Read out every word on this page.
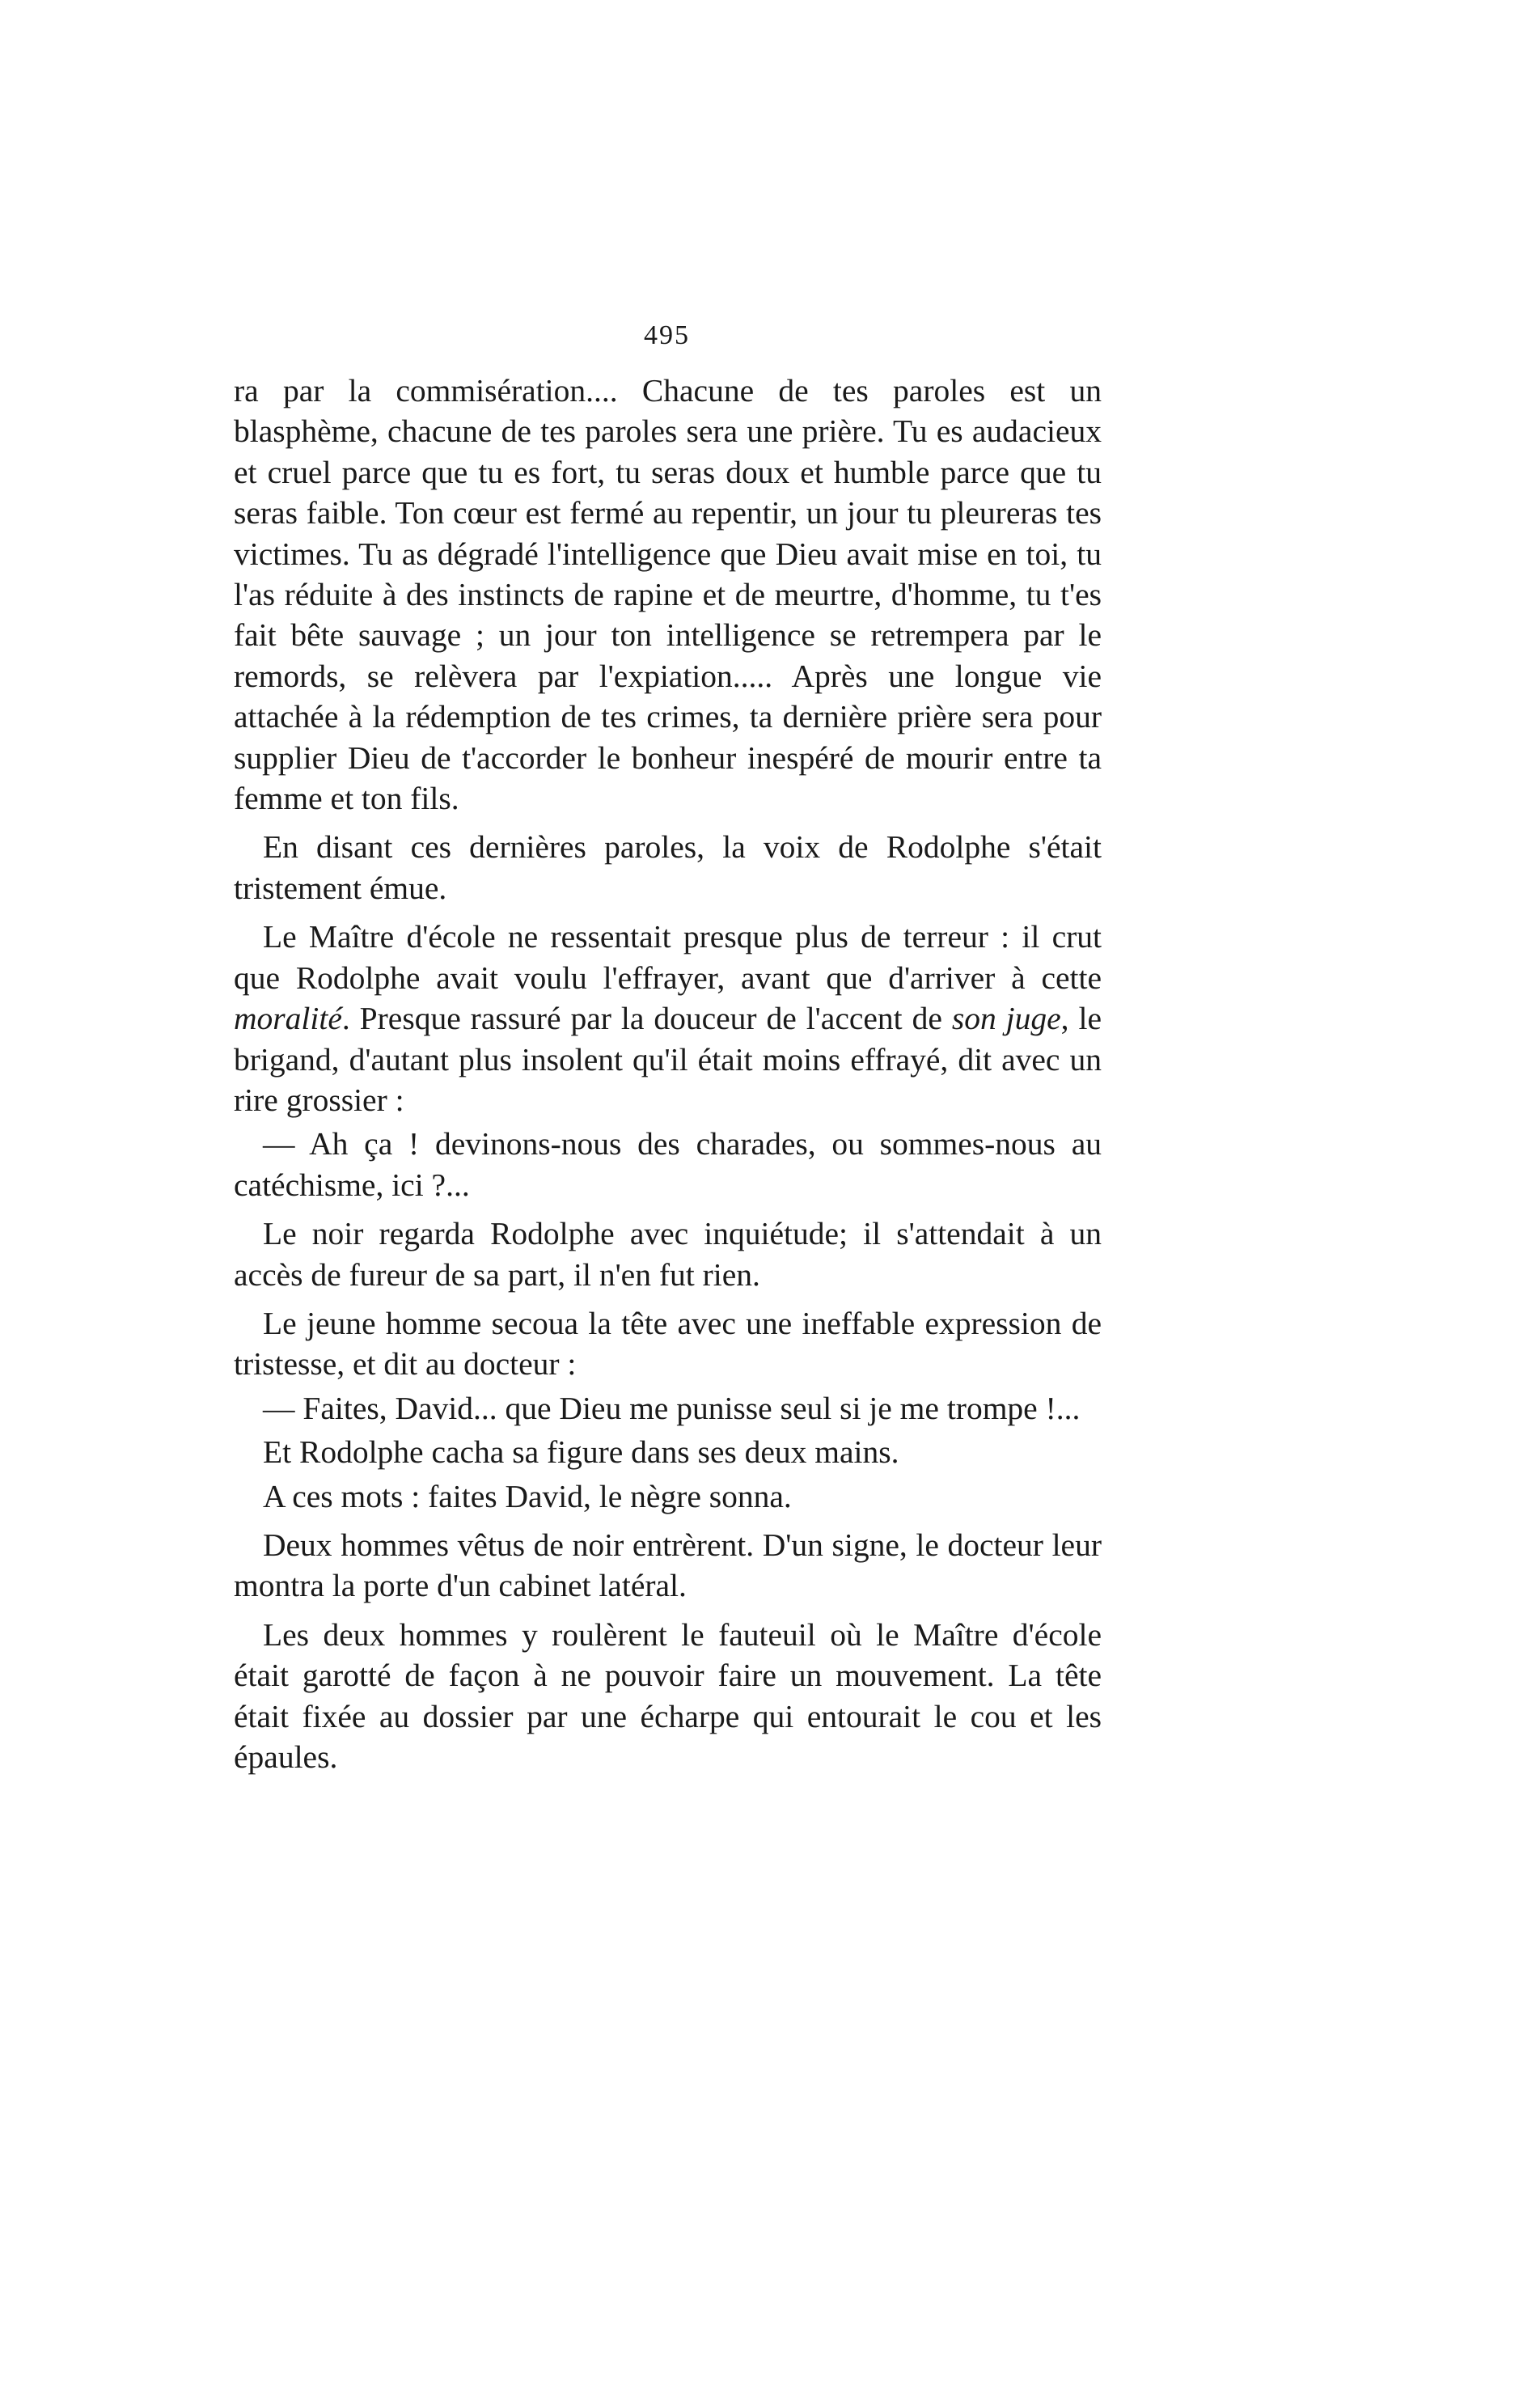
495

ra par la commisération.... Chacune de tes paroles est un blasphème, chacune de tes paroles sera une prière. Tu es audacieux et cruel parce que tu es fort, tu seras doux et humble parce que tu seras faible. Ton cœur est fermé au repentir, un jour tu pleureras tes victimes. Tu as dégradé l'intelligence que Dieu avait mise en toi, tu l'as réduite à des instincts de rapine et de meurtre, d'homme, tu t'es fait bête sauvage ; un jour ton intelligence se retrempera par le remords, se relèvera par l'expiation..... Après une longue vie attachée à la rédemption de tes crimes, ta dernière prière sera pour supplier Dieu de t'accorder le bonheur inespéré de mourir entre ta femme et ton fils.

En disant ces dernières paroles, la voix de Rodolphe s'était tristement émue.

Le Maître d'école ne ressentait presque plus de terreur : il crut que Rodolphe avait voulu l'effrayer, avant que d'arriver à cette moralité. Presque rassuré par la douceur de l'accent de son juge, le brigand, d'autant plus insolent qu'il était moins effrayé, dit avec un rire grossier :

— Ah ça ! devinons-nous des charades, ou sommes-nous au catéchisme, ici ?...

Le noir regarda Rodolphe avec inquiétude; il s'attendait à un accès de fureur de sa part, il n'en fut rien.

Le jeune homme secoua la tête avec une ineffable expression de tristesse, et dit au docteur :

— Faites, David... que Dieu me punisse seul si je me trompe !...

Et Rodolphe cacha sa figure dans ses deux mains.

A ces mots : faites David, le nègre sonna.

Deux hommes vêtus de noir entrèrent. D'un signe, le docteur leur montra la porte d'un cabinet latéral.

Les deux hommes y roulèrent le fauteuil où le Maître d'école était garotté de façon à ne pouvoir faire un mouvement. La tête était fixée au dossier par une écharpe qui entourait le cou et les épaules.
